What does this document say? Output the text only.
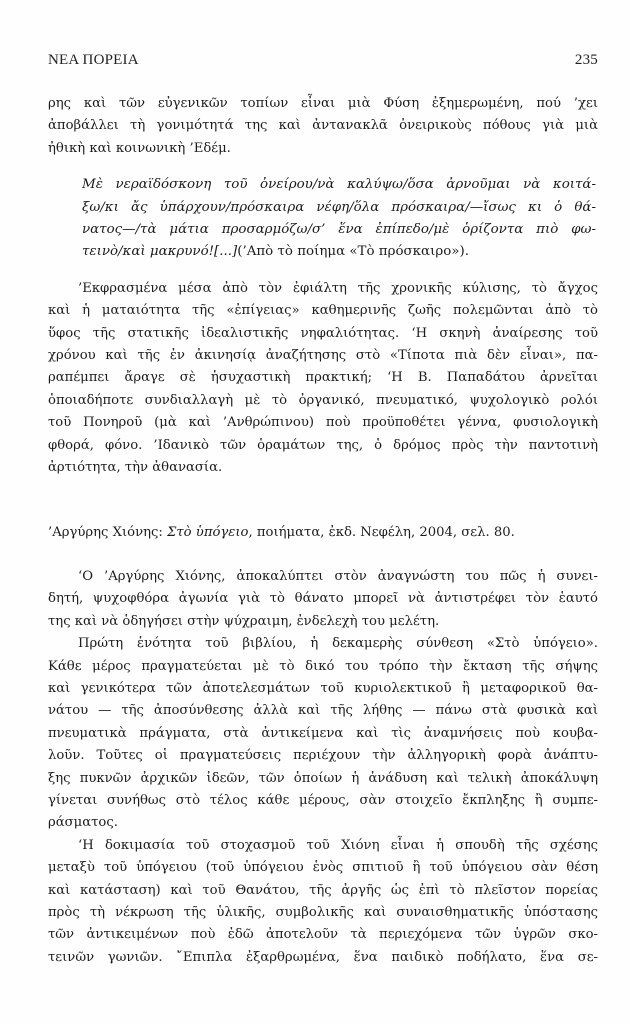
ΝΕΑ ΠΟΡΕΙΑ	235
ρης καὶ τῶν εὐγενικῶν τοπίων εἶναι μιὰ Φύση ἐξημερωμένη, πού ’χει
ἀποβάλλει τὴ γονιμότητά της καὶ ἀντανακλᾶ ὀνειρικοὺς πόθους γιὰ μιὰ
ἠθικὴ καὶ κοινωνικὴ ’Εδέμ.
Μὲ νεραϊδόσκονη τοῦ ὀνείρου/νὰ καλύψω/ὅσα ἀρνοῦμαι νὰ κοιτά-
ξω/κι ἄς ὑπάρχουν/πρόσκαιρα νέφη/ὅλα πρόσκαιρα/—ἴσως κι ὁ θά-
νατος—/τὰ μάτια προσαρμόζω/σ’ ἕνα ἐπίπεδο/μὲ ὁρίζοντα πιὸ φω-
τεινὸ/καὶ μακρυνό![...](’Απὸ τὸ ποίημα «Τὸ πρόσκαιρο»).
’Εκφρασμένα μέσα ἀπὸ τὸν ἐφιάλτη τῆς χρονικῆς κύλισης, τὸ ἄγχος
καὶ ἡ ματαιότητα τῆς «ἐπίγειας» καθημερινῆς ζωῆς πολεμῶνται ἀπὸ τὸ
ὕφος τῆς στατικῆς ἰδεαλιστικῆς νηφαλιότητας. ‘Η σκηνὴ ἀναίρεσης τοῦ
χρόνου καὶ τῆς ἐν ἀκινησίᾳ ἀναζήτησης στὸ «Τίποτα πιὰ δὲν εἶναι», πα-
ραπέμπει ἄραγε σὲ ἡσυχαστικὴ πρακτική; ‘Η Β. Παπαδάτου ἀρνεῖται
ὁποιαδήποτε συνδιαλλαγὴ μὲ τὸ ὀργανικό, πνευματικό, ψυχολογικὸ ρολόι
τοῦ Πονηροῦ (μὰ καὶ ’Ανθρώπινου) ποὺ προϋποθέτει γέννα, φυσιολογικὴ
φθορά, φόνο. ’Ιδανικὸ τῶν ὁραμάτων της, ὁ δρόμος πρὸς τὴν παντοτινὴ
ἀρτιότητα, τὴν ἀθανασία.
’Αργύρης Χιόνης: Στὸ ὑπόγειο, ποιήματα, ἐκδ. Νεφέλη, 2004, σελ. 80.
‘Ο ’Αργύρης Χιόνης, ἀποκαλύπτει στὸν ἀναγνώστη του πῶς ἡ συνει-
δητή, ψυχοφθόρα ἀγωνία γιὰ τὸ θάνατο μπορεῖ νὰ ἀντιστρέφει τὸν ἑαυτό
της καὶ νὰ ὁδηγήσει στὴν ψύχραιμη, ἐνδελεχὴ του μελέτη.
Πρώτη ἑνότητα τοῦ βιβλίου, ἡ δεκαμερὴς σύνθεση «Στὸ ὑπόγειο».
Κάθε μέρος πραγματεύεται μὲ τὸ δικό του τρόπο τὴν ἔκταση τῆς σήψης
καὶ γενικότερα τῶν ἀποτελεσμάτων τοῦ κυριολεκτικοῦ ἢ μεταφορικοῦ θα-
νάτου — τῆς ἀποσύνθεσης ἀλλὰ καὶ τῆς λήθης — πάνω στὰ φυσικὰ καὶ
πνευματικὰ πράγματα, στὰ ἀντικείμενα καὶ τὶς ἀναμνήσεις ποὺ κουβα-
λοῦν. Τοῦτες οἱ πραγματεύσεις περιέχουν τὴν ἀλληγορικὴ φορὰ ἀνάπτυ-
ξης πυκνῶν ἀρχικῶν ἰδεῶν, τῶν ὁποίων ἡ ἀνάδυση καὶ τελικὴ ἀποκάλυψη
γίνεται συνήθως στὸ τέλος κάθε μέρους, σὰν στοιχεῖο ἔκπληξης ἢ συμπε-
ράσματος.
‘Η δοκιμασία τοῦ στοχασμοῦ τοῦ Χιόνη εἶναι ἡ σπουδὴ τῆς σχέσης
μεταξὺ τοῦ ὑπόγειου (τοῦ ὑπόγειου ἑνὸς σπιτιοῦ ἢ τοῦ ὑπόγειου σὰν θέση
καὶ κατάσταση) καὶ τοῦ Θανάτου, τῆς ἀργῆς ὡς ἐπὶ τὸ πλεῖστον πορείας
πρὸς τὴ νέκρωση τῆς ὑλικῆς, συμβολικῆς καὶ συναισθηματικῆς ὑπόστασης
τῶν ἀντικειμένων ποὺ ἐδῶ ἀποτελοῦν τὰ περιεχόμενα τῶν ὑγρῶν σκο-
τεινῶν γωνιῶν. ῎Επιπλα ἐξαρθρωμένα, ἕνα παιδικὸ ποδήλατο, ἕνα σε-
